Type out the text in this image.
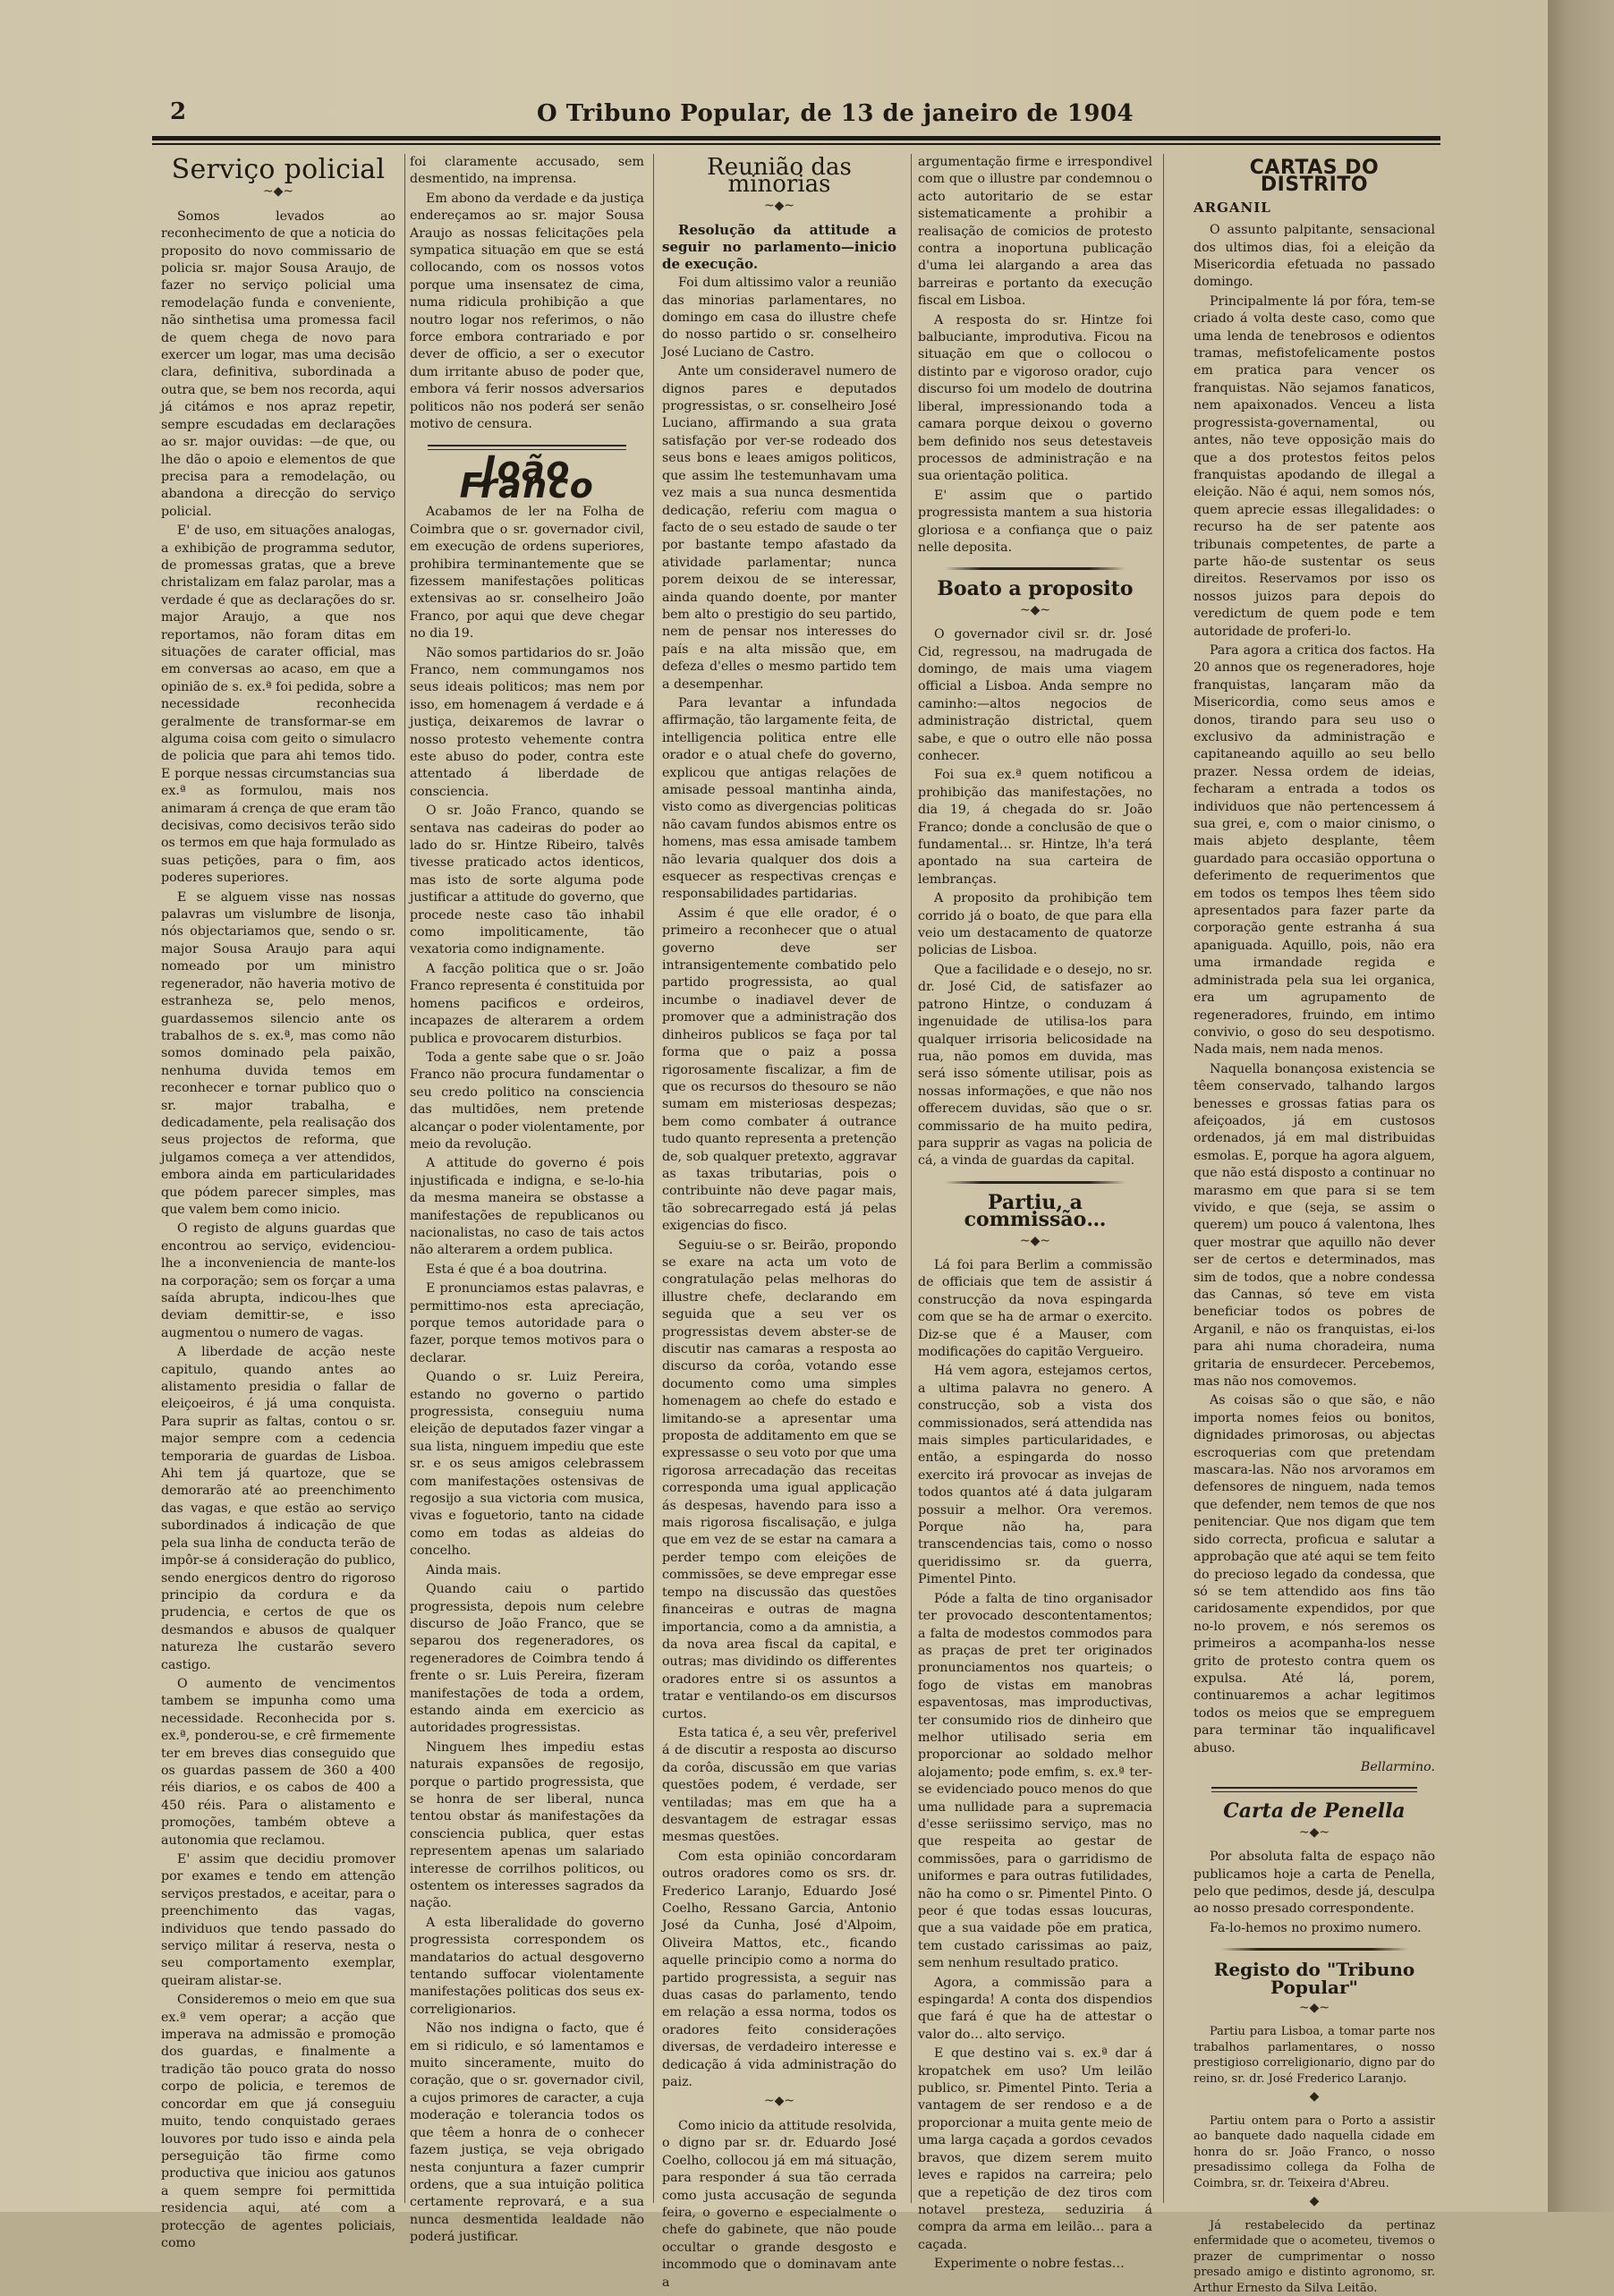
2	O Tribuno Popular, de 13 de janeiro de 1904
Serviço policial
~◆~

Somos levados ao reconhecimento de que a noticia do proposito do novo commissario de policia sr. major Sousa Araujo, de fazer no serviço policial uma remodelação funda e conveniente, não sinthetisa uma promessa facil de quem chega de novo para exercer um logar, mas uma decisão clara, definitiva, subordinada a outra que, se bem nos recorda, aqui já citámos e nos apraz repetir, sempre escudadas em declarações ao sr. major ouvidas: —de que, ou lhe dão o apoio e elementos de que precisa para a remodelação, ou abandona a direcção do serviço policial.

E' de uso, em situações analogas, a exhibição de programma sedutor, de promessas gratas, que a breve christalizam em falaz parolar, mas a verdade é que as declarações do sr. major Araujo, a que nos reportamos, não foram ditas em situações de carater official, mas em conversas ao acaso, em que a opinião de s. ex.ª foi pedida, sobre a necessidade reconhecida geralmente de transformar-se em alguma coisa com geito o simulacro de policia que para ahi temos tido. E porque nessas circumstancias sua ex.ª as formulou, mais nos animaram á crença de que eram tão decisivas, como decisivos terão sido os termos em que haja formulado as suas petições, para o fim, aos poderes superiores.

E se alguem visse nas nossas palavras um vislumbre de lisonja, nós objectariamos que, sendo o sr. major Sousa Araujo para aqui nomeado por um ministro regenerador, não haveria motivo de estranheza se, pelo menos, guardassemos silencio ante os trabalhos de s. ex.ª, mas como não somos dominado pela paixão, nenhuma duvida temos em reconhecer e tornar publico quo o sr. major trabalha, e dedicadamente, pela realisação dos seus projectos de reforma, que julgamos começa a ver attendidos, embora ainda em particularidades que pódem parecer simples, mas que valem bem como inicio.

O registo de alguns guardas que encontrou ao serviço, evidenciou-lhe a inconveniencia de mante-los na corporação; sem os forçar a uma saída abrupta, indicou-lhes que deviam demittir-se, e isso augmentou o numero de vagas.

A liberdade de acção neste capitulo, quando antes ao alistamento presidia o fallar de eleiçoeiros, é já uma conquista. Para suprir as faltas, contou o sr. major sempre com a cedencia temporaria de guardas de Lisboa. Ahi tem já quartoze, que se demorarão até ao preenchimento das vagas, e que estão ao serviço subordinados á indicação de que pela sua linha de conducta terão de impôr-se á consideração do publico, sendo energicos dentro do rigoroso principio da cordura e da prudencia, e certos de que os desmandos e abusos de qualquer natureza lhe custarão severo castigo.

O aumento de vencimentos tambem se impunha como uma necessidade. Reconhecida por s. ex.ª, ponderou-se, e crê firmemente ter em breves dias conseguido que os guardas passem de 360 a 400 réis diarios, e os cabos de 400 a 450 réis. Para o alistamento e promoções, também obteve a autonomia que reclamou.

E' assim que decidiu promover por exames e tendo em attenção serviços prestados, e aceitar, para o preenchimento das vagas, individuos que tendo passado do serviço militar á reserva, nesta o seu comportamento exemplar, queiram alistar-se.

Consideremos o meio em que sua ex.ª vem operar; a acção que imperava na admissão e promoção dos guardas, e finalmente a tradição tão pouco grata do nosso corpo de policia, e teremos de concordar em que já conseguiu muito, tendo conquistado geraes louvores por tudo isso e ainda pela perseguição tão firme como productiva que iniciou aos gatunos a quem sempre foi permittida residencia aqui, até com a protecção de agentes policiais, como

foi claramente accusado, sem desmentido, na imprensa.

Em abono da verdade e da justiça endereçamos ao sr. major Sousa Araujo as nossas felicitações pela sympatica situação em que se está collocando, com os nossos votos porque uma insensatez de cima, numa ridicula prohibição a que noutro logar nos referimos, o não force embora contrariado e por dever de officio, a ser o executor dum irritante abuso de poder que, embora vá ferir nossos adversarios politicos não nos poderá ser senão motivo de censura.

João Franco

Acabamos de ler na Folha de Coimbra que o sr. governador civil, em execução de ordens superiores, prohibira terminantemente que se fizessem manifestações politicas extensivas ao sr. conselheiro João Franco, por aqui que deve chegar no dia 19.

Não somos partidarios do sr. João Franco, nem commungamos nos seus ideais politicos; mas nem por isso, em homenagem á verdade e á justiça, deixaremos de lavrar o nosso protesto vehemente contra este abuso do poder, contra este attentado á liberdade de consciencia.

O sr. João Franco, quando se sentava nas cadeiras do poder ao lado do sr. Hintze Ribeiro, talvês tivesse praticado actos identicos, mas isto de sorte alguma pode justificar a attitude do governo, que procede neste caso tão inhabil como impoliticamente, tão vexatoria como indignamente.

A facção politica que o sr. João Franco representa é constituida por homens pacificos e ordeiros, incapazes de alterarem a ordem publica e provocarem disturbios.

Toda a gente sabe que o sr. João Franco não procura fundamentar o seu credo politico na consciencia das multidões, nem pretende alcançar o poder violentamente, por meio da revolução.

A attitude do governo é pois injustificada e indigna, e se-lo-hia da mesma maneira se obstasse a manifestações de republicanos ou nacionalistas, no caso de tais actos não alterarem a ordem publica.

Esta é que é a boa doutrina.

E pronunciamos estas palavras, e permittimo-nos esta apreciação, porque temos autoridade para o fazer, porque temos motivos para o declarar.

Quando o sr. Luiz Pereira, estando no governo o partido progressista, conseguiu numa eleição de deputados fazer vingar a sua lista, ninguem impediu que este sr. e os seus amigos celebrassem com manifestações ostensivas de regosijo a sua victoria com musica, vivas e foguetorio, tanto na cidade como em todas as aldeias do concelho.

Ainda mais.

Quando caiu o partido progressista, depois num celebre discurso de João Franco, que se separou dos regeneradores, os regeneradores de Coimbra tendo á frente o sr. Luis Pereira, fizeram manifestações de toda a ordem, estando ainda em exercicio as autoridades progressistas.

Ninguem lhes impediu estas naturais expansões de regosijo, porque o partido progressista, que se honra de ser liberal, nunca tentou obstar ás manifestações da consciencia publica, quer estas representem apenas um salariado interesse de corrilhos politicos, ou ostentem os interesses sagrados da nação.

A esta liberalidade do governo progressista correspondem os mandatarios do actual desgoverno tentando suffocar violentamente manifestações politicas dos seus ex-correligionarios.

Não nos indigna o facto, que é em si ridiculo, e só lamentamos e muito sinceramente, muito do coração, que o sr. governador civil, a cujos primores de caracter, a cuja moderação e tolerancia todos os que têem a honra de o conhecer fazem justiça, se veja obrigado nesta conjuntura a fazer cumprir ordens, que a sua intuição politica certamente reprovará, e a sua nunca desmentida lealdade não poderá justificar.

Reunião das minorias
~◆~

Resolução da attitude a seguir no parlamento—inicio de execução.

Foi dum altissimo valor a reunião das minorias parlamentares, no domingo em casa do illustre chefe do nosso partido o sr. conselheiro José Luciano de Castro.

Ante um consideravel numero de dignos pares e deputados progressistas, o sr. conselheiro José Luciano, affirmando a sua grata satisfação por ver-se rodeado dos seus bons e leaes amigos politicos, que assim lhe testemunhavam uma vez mais a sua nunca desmentida dedicação, referiu com magua o facto de o seu estado de saude o ter por bastante tempo afastado da atividade parlamentar; nunca porem deixou de se interessar, ainda quando doente, por manter bem alto o prestigio do seu partido, nem de pensar nos interesses do país e na alta missão que, em defeza d'elles o mesmo partido tem a desempenhar.

Para levantar a infundada affirmação, tão largamente feita, de intelligencia politica entre elle orador e o atual chefe do governo, explicou que antigas relações de amisade pessoal mantinha ainda, visto como as divergencias politicas não cavam fundos abismos entre os homens, mas essa amisade tambem não levaria qualquer dos dois a esquecer as respectivas crenças e responsabilidades partidarias.

Assim é que elle orador, é o primeiro a reconhecer que o atual governo deve ser intransigentemente combatido pelo partido progressista, ao qual incumbe o inadiavel dever de promover que a administração dos dinheiros publicos se faça por tal forma que o paiz a possa rigorosamente fiscalizar, a fim de que os recursos do thesouro se não sumam em misteriosas despezas; bem como combater á outrance tudo quanto representa a pretenção de, sob qualquer pretexto, aggravar as taxas tributarias, pois o contribuinte não deve pagar mais, tão sobrecarregado está já pelas exigencias do fisco.

Seguiu-se o sr. Beirão, propondo se exare na acta um voto de congratulação pelas melhoras do illustre chefe, declarando em seguida que a seu ver os progressistas devem abster-se de discutir nas camaras a resposta ao discurso da corôa, votando esse documento como uma simples homenagem ao chefe do estado e limitando-se a apresentar uma proposta de additamento em que se expressasse o seu voto por que uma rigorosa arrecadação das receitas corresponda uma igual applicação ás despesas, havendo para isso a mais rigorosa fiscalisação, e julga que em vez de se estar na camara a perder tempo com eleições de commissões, se deve empregar esse tempo na discussão das questões financeiras e outras de magna importancia, como a da amnistia, a da nova area fiscal da capital, e outras; mas dividindo os differentes oradores entre si os assuntos a tratar e ventilando-os em discursos curtos.

Esta tatica é, a seu vêr, preferivel á de discutir a resposta ao discurso da corôa, discussão em que varias questões podem, é verdade, ser ventiladas; mas em que ha a desvantagem de estragar essas mesmas questões.

Com esta opinião concordaram outros oradores como os srs. dr. Frederico Laranjo, Eduardo José Coelho, Ressano Garcia, Antonio José da Cunha, José d'Alpoim, Oliveira Mattos, etc., ficando aquelle principio como a norma do partido progressista, a seguir nas duas casas do parlamento, tendo em relação a essa norma, todos os oradores feito considerações diversas, de verdadeiro interesse e dedicação á vida administração do paiz.

~◆~

Como inicio da attitude resolvida, o digno par sr. dr. Eduardo José Coelho, collocou já em má situação, para responder á sua tão cerrada como justa accusação de segunda feira, o governo e especialmente o chefe do gabinete, que não poude occultar o grande desgosto e incommodo que o dominavam ante a

argumentação firme e irrespondivel com que o illustre par condemnou o acto autoritario de se estar sistematicamente a prohibir a realisação de comicios de protesto contra a inoportuna publicação d'uma lei alargando a area das barreiras e portanto da execução fiscal em Lisboa.

A resposta do sr. Hintze foi balbuciante, improdutiva. Ficou na situação em que o collocou o distinto par e vigoroso orador, cujo discurso foi um modelo de doutrina liberal, impressionando toda a camara porque deixou o governo bem definido nos seus detestaveis processos de administração e na sua orientação politica.

E' assim que o partido progressista mantem a sua historia gloriosa e a confiança que o paiz nelle deposita.

Boato a proposito
~◆~

O governador civil sr. dr. José Cid, regressou, na madrugada de domingo, de mais uma viagem official a Lisboa. Anda sempre no caminho:—altos negocios de administração districtal, quem sabe, e que o outro elle não possa conhecer.

Foi sua ex.ª quem notificou a prohibição das manifestações, no dia 19, á chegada do sr. João Franco; donde a conclusão de que o fundamental… sr. Hintze, lh'a terá apontado na sua carteira de lembranças.

A proposito da prohibição tem corrido já o boato, de que para ella veio um destacamento de quatorze policias de Lisboa.

Que a facilidade e o desejo, no sr. dr. José Cid, de satisfazer ao patrono Hintze, o conduzam á ingenuidade de utilisa-los para qualquer irrisoria belicosidade na rua, não pomos em duvida, mas será isso sómente utilisar, pois as nossas informações, e que não nos offerecem duvidas, são que o sr. commissario de ha muito pedira, para supprir as vagas na policia de cá, a vinda de guardas da capital.

Partiu, a commissão…
~◆~

Lá foi para Berlim a commissão de officiais que tem de assistir á construcção da nova espingarda com que se ha de armar o exercito. Diz-se que é a Mauser, com modificações do capitão Vergueiro.

Há vem agora, estejamos certos, a ultima palavra no genero. A construcção, sob a vista dos commissionados, será attendida nas mais simples particularidades, e então, a espingarda do nosso exercito irá provocar as invejas de todos quantos até á data julgaram possuir a melhor. Ora veremos. Porque não ha, para transcendencias tais, como o nosso queridissimo sr. da guerra, Pimentel Pinto.

Póde a falta de tino organisador ter provocado descontentamentos; a falta de modestos commodos para as praças de pret ter originados pronunciamentos nos quarteis; o fogo de vistas em manobras espaventosas, mas improductivas, ter consumido rios de dinheiro que melhor utilisado seria em proporcionar ao soldado melhor alojamento; pode emfim, s. ex.ª ter-se evidenciado pouco menos do que uma nullidade para a supremacia d'esse seriissimo serviço, mas no que respeita ao gestar de commissões, para o garridismo de uniformes e para outras futilidades, não ha como o sr. Pimentel Pinto. O peor é que todas essas loucuras, que a sua vaidade põe em pratica, tem custado carissimas ao paiz, sem nenhum resultado pratico.

Agora, a commissão para a espingarda! A conta dos dispendios que fará é que ha de attestar o valor do… alto serviço.

E que destino vai s. ex.ª dar á kropatchek em uso? Um leilão publico, sr. Pimentel Pinto. Teria a vantagem de ser rendoso e a de proporcionar a muita gente meio de uma larga caçada a gordos cevados bravos, que dizem serem muito leves e rapidos na carreira; pelo que a repetição de dez tiros com notavel presteza, seduziria á compra da arma em leilão… para a caçada.

Experimente o nobre festas…

CARTAS DO DISTRITO
ARGANIL

O assunto palpitante, sensacional dos ultimos dias, foi a eleição da Misericordia efetuada no passado domingo.

Principalmente lá por fóra, tem-se criado á volta deste caso, como que uma lenda de tenebrosos e odientos tramas, mefistofelicamente postos em pratica para vencer os franquistas. Não sejamos fanaticos, nem apaixonados. Venceu a lista progressista-governamental, ou antes, não teve opposição mais do que a dos protestos feitos pelos franquistas apodando de illegal a eleição. Não é aqui, nem somos nós, quem aprecie essas illegalidades: o recurso ha de ser patente aos tribunais competentes, de parte a parte hão-de sustentar os seus direitos. Reservamos por isso os nossos juizos para depois do veredictum de quem pode e tem autoridade de proferi-lo.

Para agora a critica dos factos. Ha 20 annos que os regeneradores, hoje franquistas, lançaram mão da Misericordia, como seus amos e donos, tirando para seu uso o exclusivo da administração e capitaneando aquillo ao seu bello prazer. Nessa ordem de ideias, fecharam a entrada a todos os individuos que não pertencessem á sua grei, e, com o maior cinismo, o mais abjeto desplante, têem guardado para occasião opportuna o deferimento de requerimentos que em todos os tempos lhes têem sido apresentados para fazer parte da corporação gente estranha á sua apaniguada. Aquillo, pois, não era uma irmandade regida e administrada pela sua lei organica, era um agrupamento de regeneradores, fruindo, em intimo convivio, o goso do seu despotismo. Nada mais, nem nada menos.

Naquella bonançosa existencia se têem conservado, talhando largos benesses e grossas fatias para os afeiçoados, já em custosos ordenados, já em mal distribuidas esmolas. E, porque ha agora alguem, que não está disposto a continuar no marasmo em que para si se tem vivido, e que (seja, se assim o querem) um pouco á valentona, lhes quer mostrar que aquillo não dever ser de certos e determinados, mas sim de todos, que a nobre condessa das Cannas, só teve em vista beneficiar todos os pobres de Arganil, e não os franquistas, ei-los para ahi numa choradeira, numa gritaria de ensurdecer. Percebemos, mas não nos comovemos.

As coisas são o que são, e não importa nomes feios ou bonitos, dignidades primorosas, ou abjectas escroquerias com que pretendam mascara-las. Não nos arvoramos em defensores de ninguem, nada temos que defender, nem temos de que nos penitenciar. Que nos digam que tem sido correcta, proficua e salutar a approbação que até aqui se tem feito do precioso legado da condessa, que só se tem attendido aos fins tão caridosamente expendidos, por que no-lo provem, e nós seremos os primeiros a acompanha-los nesse grito de protesto contra quem os expulsa. Até lá, porem, continuaremos a achar legitimos todos os meios que se empreguem para terminar tão inqualificavel abuso.

Bellarmino.

Carta de Penella
~◆~

Por absoluta falta de espaço não publicamos hoje a carta de Penella, pelo que pedimos, desde já, desculpa ao nosso presado correspondente.

Fa-lo-hemos no proximo numero.

Registo do "Tribuno Popular"
~◆~

Partiu para Lisboa, a tomar parte nos trabalhos parlamentares, o nosso prestigioso correligionario, digno par do reino, sr. dr. José Frederico Laranjo.

◆

Partiu ontem para o Porto a assistir ao banquete dado naquella cidade em honra do sr. João Franco, o nosso presadissimo collega da Folha de Coimbra, sr. dr. Teixeira d'Abreu.

◆

Já restabelecido da pertinaz enfermidade que o acometeu, tivemos o prazer de cumprimentar o nosso presado amigo e distinto agronomo, sr. Arthur Ernesto da Silva Leitão.
